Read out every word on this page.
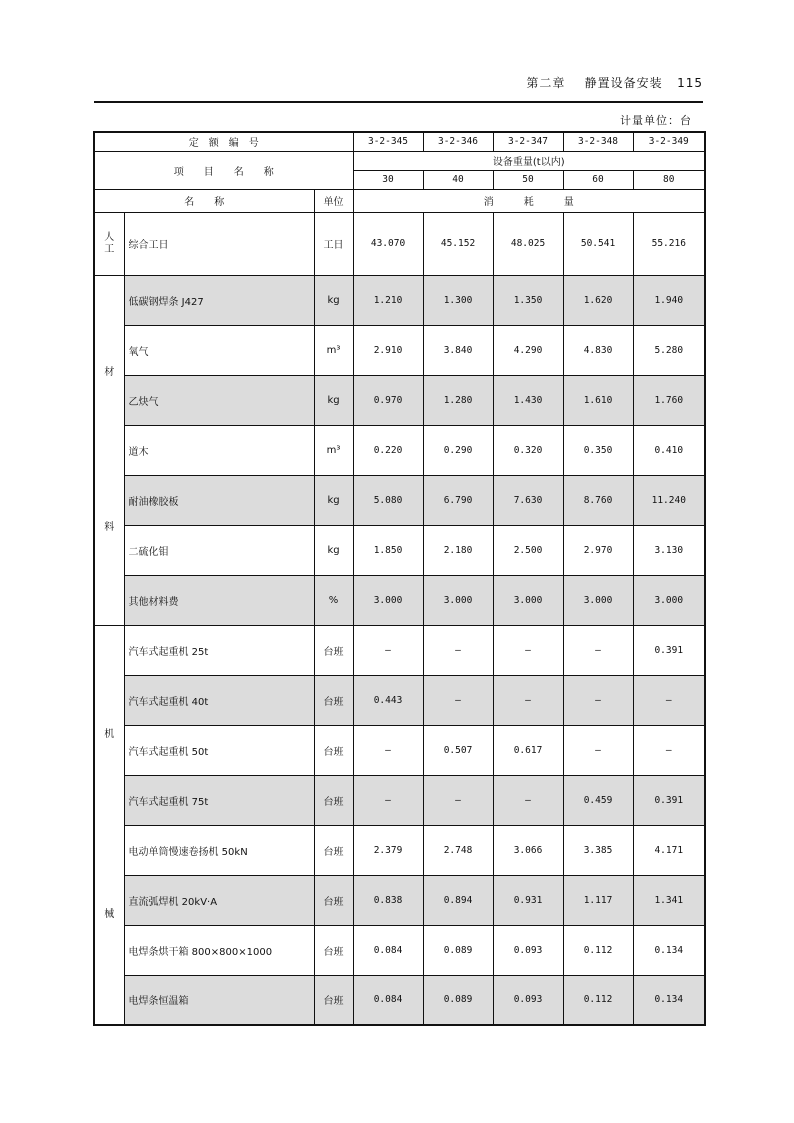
第二章 静置设备安装 115
计量单位：台
定　额　编　号			3-2-345	3-2-346	3-2-347	3-2-348	3-2-349
项　　目　　名　　称			设备重量(t以内)				
			30	40	50	60	80
名　　称		单位	消　　　耗　　　量				

人
工	综合工日	工日	43.070	45.152	48.025	50.541	55.216

材
料	低碳钢焊条 J427	kg	1.210	1.300	1.350	1.620	1.940
	氧气	m³	2.910	3.840	4.290	4.830	5.280
	乙炔气	kg	0.970	1.280	1.430	1.610	1.760
	道木	m³	0.220	0.290	0.320	0.350	0.410
	耐油橡胶板	kg	5.080	6.790	7.630	8.760	11.240
	二硫化钼	kg	1.850	2.180	2.500	2.970	3.130
	其他材料费	%	3.000	3.000	3.000	3.000	3.000

机
械	汽车式起重机 25t	台班	—	—	—	—	0.391
	汽车式起重机 40t	台班	0.443	—	—	—	—
	汽车式起重机 50t	台班	—	0.507	0.617	—	—
	汽车式起重机 75t	台班	—	—	—	0.459	0.391
	电动单筒慢速卷扬机 50kN	台班	2.379	2.748	3.066	3.385	4.171
	直流弧焊机 20kV·A	台班	0.838	0.894	0.931	1.117	1.341
	电焊条烘干箱 800×800×1000	台班	0.084	0.089	0.093	0.112	0.134
	电焊条恒温箱	台班	0.084	0.089	0.093	0.112	0.134
